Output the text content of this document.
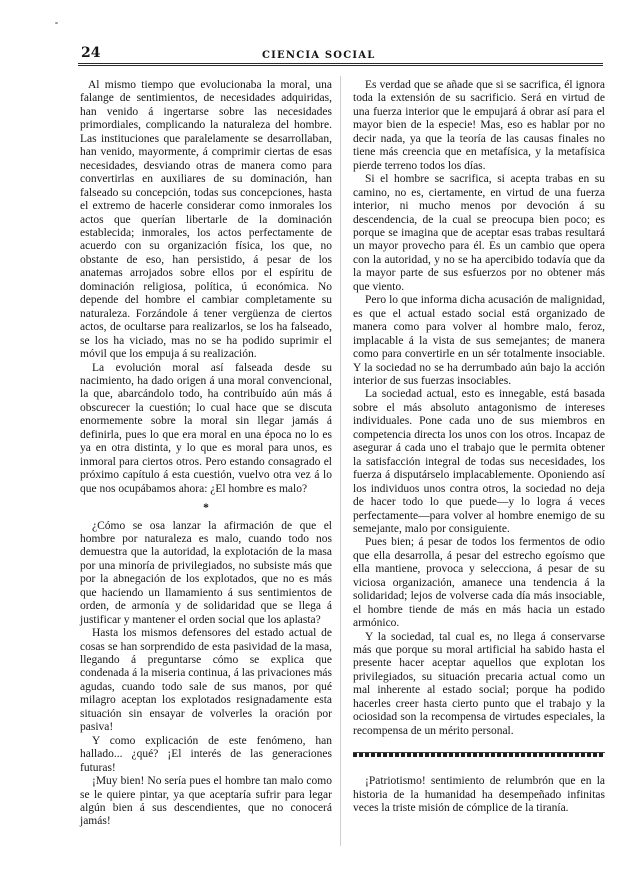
24	CIENCIA SOCIAL

Al mismo tiempo que evolucionaba la moral, una falange de sentimientos, de necesidades adquiridas, han venido á ingertarse sobre las necesidades primordiales, complicando la naturaleza del hombre. Las instituciones que paralelamente se desarrollaban, han venido, mayormente, á comprimir ciertas de esas necesidades, desviando otras de manera como para convertirlas en auxiliares de su dominación, han falseado su concepción, todas sus concepciones, hasta el extremo de hacerle considerar como inmorales los actos que querían libertarle de la dominación establecida; inmorales, los actos perfectamente de acuerdo con su organización física, los que, no obstante de eso, han persistido, á pesar de los anatemas arrojados sobre ellos por el espíritu de dominación religiosa, política, ú económica. No depende del hombre el cambiar completamente su naturaleza. Forzándole á tener vergüenza de ciertos actos, de ocultarse para realizarlos, se los ha falseado, se los ha viciado, mas no se ha podido suprimir el móvil que los empuja á su realización.

La evolución moral así falseada desde su nacimiento, ha dado origen á una moral convencional, la que, abarcándolo todo, ha contribuído aún más á obscurecer la cuestión; lo cual hace que se discuta enormemente sobre la moral sin llegar jamás á definirla, pues lo que era moral en una época no lo es ya en otra distinta, y lo que es moral para unos, es inmoral para ciertos otros. Pero estando consagrado el próximo capítulo á esta cuestión, vuelvo otra vez á lo que nos ocupábamos ahora: ¿El hombre es malo?

*

¿Cómo se osa lanzar la afirmación de que el hombre por naturaleza es malo, cuando todo nos demuestra que la autoridad, la explotación de la masa por una minoría de privilegiados, no subsiste más que por la abnegación de los explotados, que no es más que haciendo un llamamiento á sus sentimientos de orden, de armonía y de solidaridad que se llega á justificar y mantener el orden social que los aplasta?

Hasta los mismos defensores del estado actual de cosas se han sorprendido de esta pasividad de la masa, llegando á preguntarse cómo se explica que condenada á la miseria continua, á las privaciones más agudas, cuando todo sale de sus manos, por qué milagro aceptan los explotados resignadamente esta situación sin ensayar de volverles la oración por pasiva!

Y como explicación de este fenómeno, han hallado... ¿qué? ¡El interés de las generaciones futuras!

¡Muy bien! No sería pues el hombre tan malo como se le quiere pintar, ya que aceptaría sufrir para legar algún bien á sus descendientes, que no conocerá jamás!

Es verdad que se añade que si se sacrifica, él ignora toda la extensión de su sacrificio. Será en virtud de una fuerza interior que le empujará á obrar así para el mayor bien de la especie! Mas, eso es hablar por no decir nada, ya que la teoría de las causas finales no tiene más creencia que en metafísica, y la metafísica pierde terreno todos los días.

Si el hombre se sacrifica, si acepta trabas en su camino, no es, ciertamente, en virtud de una fuerza interior, ni mucho menos por devoción á su descendencia, de la cual se preocupa bien poco; es porque se imagina que de aceptar esas trabas resultará un mayor provecho para él. Es un cambio que opera con la autoridad, y no se ha apercibido todavía que da la mayor parte de sus esfuerzos por no obtener más que viento.

Pero lo que informa dicha acusación de malignidad, es que el actual estado social está organizado de manera como para volver al hombre malo, feroz, implacable á la vista de sus semejantes; de manera como para convertirle en un sér totalmente insociable. Y la sociedad no se ha derrumbado aún bajo la acción interior de sus fuerzas insociables.

La sociedad actual, esto es innegable, está basada sobre el más absoluto antagonismo de intereses individuales. Pone cada uno de sus miembros en competencia directa los unos con los otros. Incapaz de asegurar á cada uno el trabajo que le permita obtener la satisfacción integral de todas sus necesidades, los fuerza á disputárselo implacablemente. Oponiendo así los individuos unos contra otros, la sociedad no deja de hacer todo lo que puede—y lo logra á veces perfectamente—para volver al hombre enemigo de su semejante, malo por consiguiente.

Pues bien; á pesar de todos los fermentos de odio que ella desarrolla, á pesar del estrecho egoísmo que ella mantiene, provoca y selecciona, á pesar de su viciosa organización, amanece una tendencia á la solidaridad; lejos de volverse cada día más insociable, el hombre tiende de más en más hacia un estado armónico.

Y la sociedad, tal cual es, no llega á conservarse más que porque su moral artificial ha sabido hasta el presente hacer aceptar aquellos que explotan los privilegiados, su situación precaria actual como un mal inherente al estado social; porque ha podido hacerles creer hasta cierto punto que el trabajo y la ociosidad son la recompensa de virtudes especiales, la recompensa de un mérito personal.

¡Patriotismo! sentimiento de relumbrón que en la historia de la humanidad ha desempeñado infinitas veces la triste misión de cómplice de la tiranía.
